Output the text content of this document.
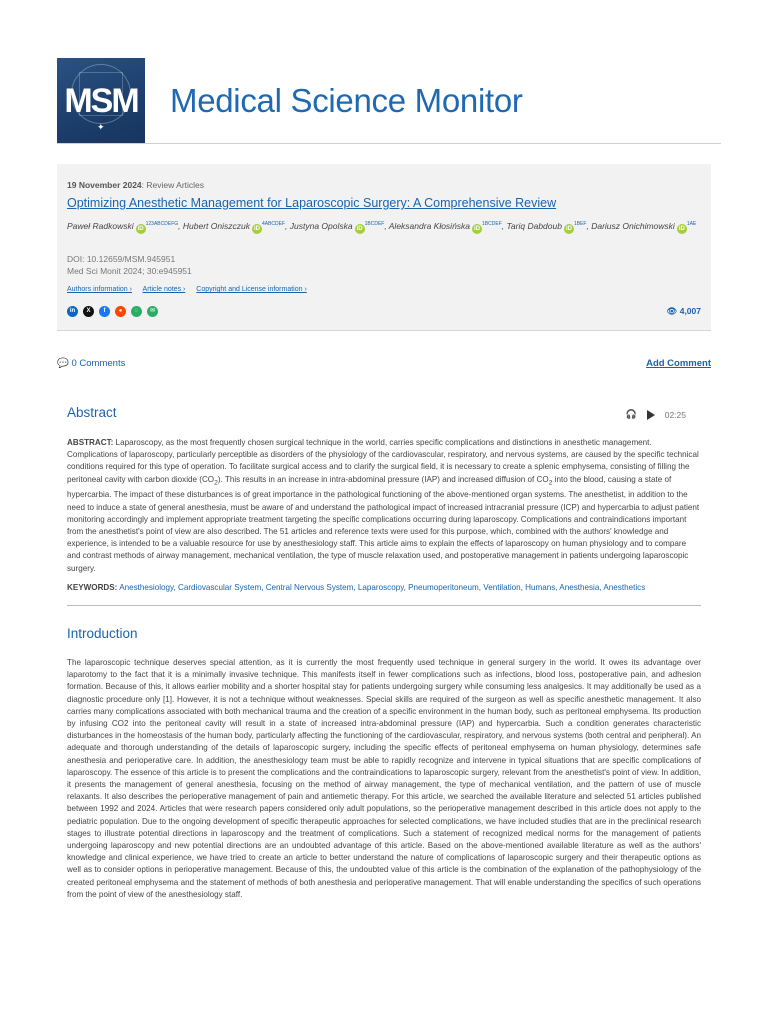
MSM
✦
Medical Science Monitor
19 November 2024: Review Articles
Optimizing Anesthetic Management for Laparoscopic Surgery: A Comprehensive Review
Paweł Radkowski $iD^{123ABCDEFG}$, Hubert Oniszczuk $iD^{4ABCDEF}$, Justyna Opolska $iD^{1BCDEF}$, Aleksandra Kłosińska $iD^{1BCDEF}$, Tariq Dabdoub $iD^{1BEF}$, Dariusz Onichimowski $iD^{1AE}$
DOI: 10.12659/MSM.945951
Med Sci Monit 2024; 30:e945951
Authors information › Article notes › Copyright and License information ›
in	X	f	●	◌	✉	👁 4,007
💬 0 Comments	Add Comment
Abstract	🎧	02:25
ABSTRACT: Laparoscopy, as the most frequently chosen surgical technique in the world, carries specific complications and distinctions in anesthetic management. Complications of laparoscopy, particularly perceptible as disorders of the physiology of the cardiovascular, respiratory, and nervous systems, are caused by the specific technical conditions required for this type of operation. To facilitate surgical access and to clarify the surgical field, it is necessary to create a splenic emphysema, consisting of filling the peritoneal cavity with carbon dioxide $(CO_2)$. This results in an increase in intra-abdominal pressure (IAP) and increased diffusion of $CO_2$ into the blood, causing a state of hypercarbia. The impact of these disturbances is of great importance in the pathological functioning of the above-mentioned organ systems. The anesthetist, in addition to the need to induce a state of general anesthesia, must be aware of and understand the pathological impact of increased intracranial pressure (ICP) and hypercarbia to adjust patient monitoring accordingly and implement appropriate treatment targeting the specific complications occurring during laparoscopy. Complications and contraindications important from the anesthetist's point of view are also described. The 51 articles and reference texts were used for this purpose, which, combined with the authors' knowledge and experience, is intended to be a valuable resource for use by anesthesiology staff. This article aims to explain the effects of laparoscopy on human physiology and to compare and contrast methods of airway management, mechanical ventilation, the type of muscle relaxation used, and postoperative management in patients undergoing laparoscopic surgery.
KEYWORDS: Anesthesiology, Cardiovascular System, Central Nervous System, Laparoscopy, Pneumoperitoneum, Ventilation, Humans, Anesthesia, Anesthetics
Introduction
The laparoscopic technique deserves special attention, as it is currently the most frequently used technique in general surgery in the world. It owes its advantage over laparotomy to the fact that it is a minimally invasive technique. This manifests itself in fewer complications such as infections, blood loss, postoperative pain, and adhesion formation. Because of this, it allows earlier mobility and a shorter hospital stay for patients undergoing surgery while consuming less analgesics. It may additionally be used as a diagnostic procedure only [1]. However, it is not a technique without weaknesses. Special skills are required of the surgeon as well as specific anesthetic management. It also carries many complications associated with both mechanical trauma and the creation of a specific environment in the human body, such as peritoneal emphysema. Its production by infusing CO2 into the peritoneal cavity will result in a state of increased intra-abdominal pressure (IAP) and hypercarbia. Such a condition generates characteristic disturbances in the homeostasis of the human body, particularly affecting the functioning of the cardiovascular, respiratory, and nervous systems (both central and peripheral). An adequate and thorough understanding of the details of laparoscopic surgery, including the specific effects of peritoneal emphysema on human physiology, determines safe anesthesia and perioperative care. In addition, the anesthesiology team must be able to rapidly recognize and intervene in typical situations that are specific complications of laparoscopy. The essence of this article is to present the complications and the contraindications to laparoscopic surgery, relevant from the anesthetist's point of view. In addition, it presents the management of general anesthesia, focusing on the method of airway management, the type of mechanical ventilation, and the pattern of use of muscle relaxants. It also describes the perioperative management of pain and antiemetic therapy. For this article, we searched the available literature and selected 51 articles published between 1992 and 2024. Articles that were research papers considered only adult populations, so the perioperative management described in this article does not apply to the pediatric population. Due to the ongoing development of specific therapeutic approaches for selected complications, we have included studies that are in the preclinical research stages to illustrate potential directions in laparoscopy and the treatment of complications. Such a statement of recognized medical norms for the management of patients undergoing laparoscopy and new potential directions are an undoubted advantage of this article. Based on the above-mentioned available literature as well as the authors' knowledge and clinical experience, we have tried to create an article to better understand the nature of complications of laparoscopic surgery and their therapeutic options as well as to consider options in perioperative management. Because of this, the undoubted value of this article is the combination of the explanation of the pathophysiology of the created peritoneal emphysema and the statement of methods of both anesthesia and perioperative management. That will enable understanding the specifics of such operations from the point of view of the anesthesiology staff.
